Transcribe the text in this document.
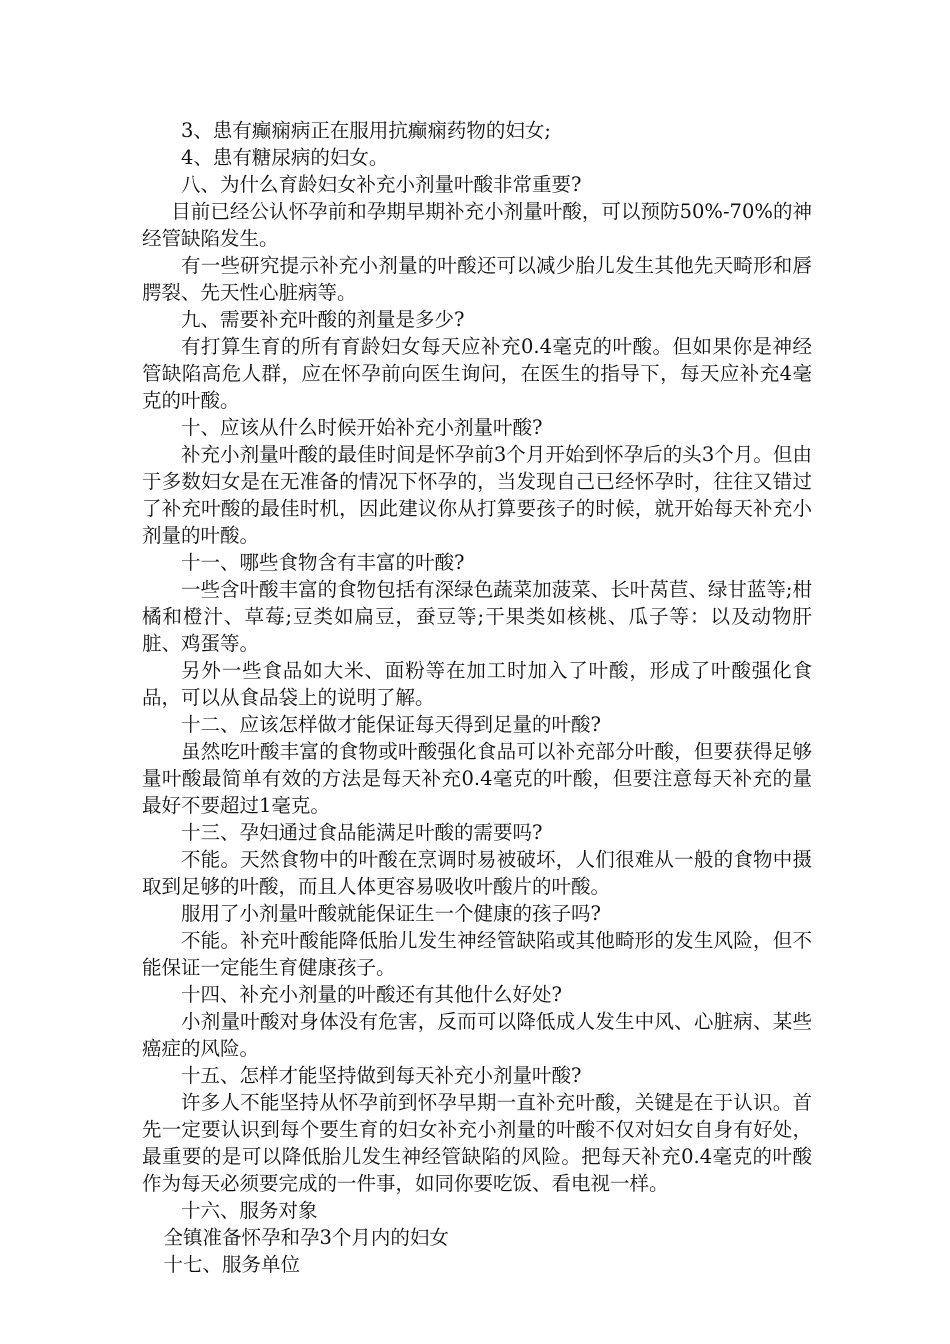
3、患有癫痫病正在服用抗癫痫药物的妇女;

4、患有糖尿病的妇女。

八、为什么育龄妇女补充小剂量叶酸非常重要?

目前已经公认怀孕前和孕期早期补充小剂量叶酸，可以预防50%-70%的神经管缺陷发生。

有一些研究提示补充小剂量的叶酸还可以减少胎儿发生其他先天畸形和唇腭裂、先天性心脏病等。

九、需要补充叶酸的剂量是多少?

有打算生育的所有育龄妇女每天应补充0.4毫克的叶酸。但如果你是神经管缺陷高危人群，应在怀孕前向医生询问，在医生的指导下，每天应补充4毫克的叶酸。

十、应该从什么时候开始补充小剂量叶酸?

补充小剂量叶酸的最佳时间是怀孕前3个月开始到怀孕后的头3个月。但由于多数妇女是在无准备的情况下怀孕的，当发现自己已经怀孕时，往往又错过了补充叶酸的最佳时机，因此建议你从打算要孩子的时候，就开始每天补充小剂量的叶酸。

十一、哪些食物含有丰富的叶酸?

一些含叶酸丰富的食物包括有深绿色蔬菜加菠菜、长叶莴苣、绿甘蓝等;柑橘和橙汁、草莓;豆类如扁豆，蚕豆等;干果类如核桃、瓜子等：以及动物肝脏、鸡蛋等。

另外一些食品如大米、面粉等在加工时加入了叶酸，形成了叶酸强化食品，可以从食品袋上的说明了解。

十二、应该怎样做才能保证每天得到足量的叶酸?

虽然吃叶酸丰富的食物或叶酸强化食品可以补充部分叶酸，但要获得足够量叶酸最简单有效的方法是每天补充0.4毫克的叶酸，但要注意每天补充的量最好不要超过1毫克。

十三、孕妇通过食品能满足叶酸的需要吗?

不能。天然食物中的叶酸在烹调时易被破坏，人们很难从一般的食物中摄取到足够的叶酸，而且人体更容易吸收叶酸片的叶酸。

服用了小剂量叶酸就能保证生一个健康的孩子吗?

不能。补充叶酸能降低胎儿发生神经管缺陷或其他畸形的发生风险，但不能保证一定能生育健康孩子。

十四、补充小剂量的叶酸还有其他什么好处?

小剂量叶酸对身体没有危害，反而可以降低成人发生中风、心脏病、某些癌症的风险。

十五、怎样才能坚持做到每天补充小剂量叶酸?

许多人不能坚持从怀孕前到怀孕早期一直补充叶酸，关键是在于认识。首先一定要认识到每个要生育的妇女补充小剂量的叶酸不仅对妇女自身有好处，最重要的是可以降低胎儿发生神经管缺陷的风险。把每天补充0.4毫克的叶酸作为每天必须要完成的一件事，如同你要吃饭、看电视一样。

十六、服务对象

全镇准备怀孕和孕3个月内的妇女

十七、服务单位
